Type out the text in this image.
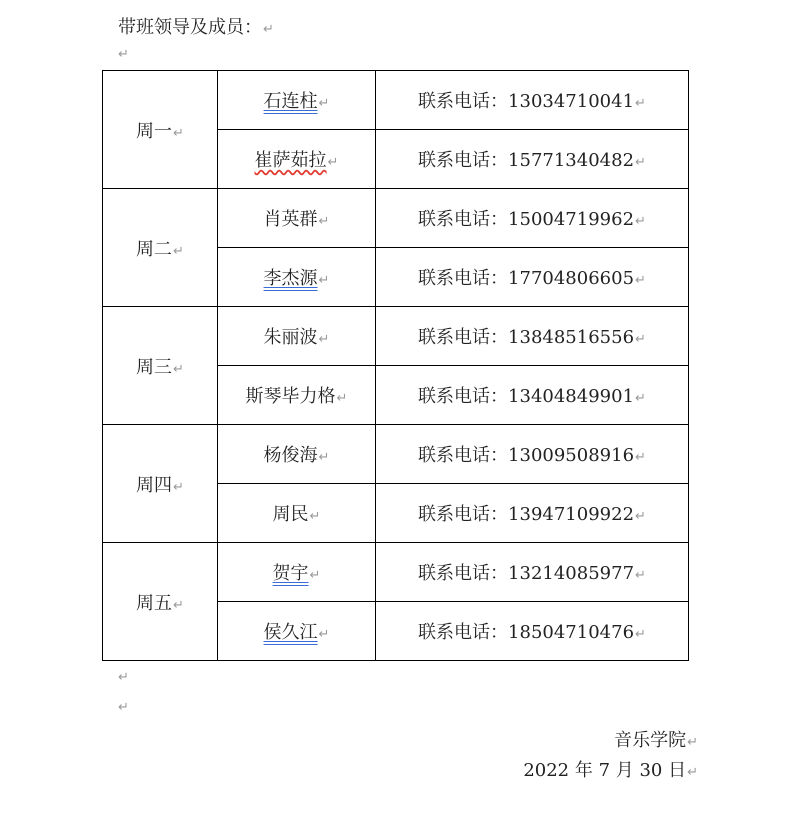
带班领导及成员：↵
↵
周一↵	石连柱↵	联系电话：13034710041↵
	崔萨茹拉↵	联系电话：15771340482↵
周二↵	肖英群↵	联系电话：15004719962↵
	李杰源↵	联系电话：17704806605↵
周三↵	朱丽波↵	联系电话：13848516556↵
	斯琴毕力格↵	联系电话：13404849901↵
周四↵	杨俊海↵	联系电话：13009508916↵
	周民↵	联系电话：13947109922↵
周五↵	贺宇↵	联系电话：13214085977↵
	侯久江↵	联系电话：18504710476↵
↵
↵
音乐学院↵
2022 年 7 月 30 日↵
